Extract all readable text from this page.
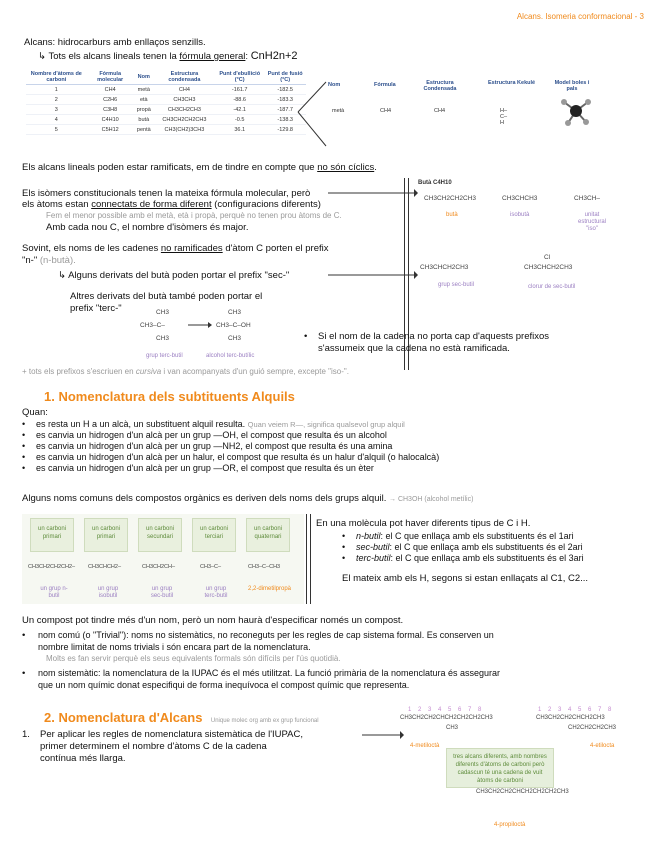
Alcans. Isomeria conformacional - 3
Alcans: hidrocarburs amb enllaços senzills.
↳ Tots els alcans lineals tenen la fórmula general: CnH2n+2
Nombre d'àtoms de carboni	Fórmula molecular	Nom	Estructura condensada	Punt d'ebullició (°C)	Punt de fusió (°C)
1	CH4	metà	CH4	-161.7	-182.5
2	C2H6	età	CH3CH3	-88.6	-183.3
3	C3H8	propà	CH3CH2CH3	-42.1	-187.7
4	C4H10	butà	CH3CH2CH2CH3	-0.5	-138.3
5	C5H12	pentà	CH3(CH2)3CH3	36.1	-129.8
Nom	Fórmula	Estructura Condensada
Estructura Kekulé	Model boles i pals
metà	CH4	CH4	H–C–H
Els alcans lineals poden estar ramificats, em de tindre en compte que no són cíclics.
Els isòmers constitucionals tenen la mateixa fórmula molecular, però
els àtoms estan connectats de forma diferent (configuracions diferents)
Fem el menor possible amb el metà, età i propà, perquè no tenen prou àtoms de C.
Amb cada nou C, el nombre d'isòmers és major.
Butà C4H10
CH3CH2CH2CH3	CH3CHCH3	CH3CH–
butà	isobutà	unitat estructural "iso"
Sovint, els noms de les cadenes no ramificades d'àtom C porten el prefix
"n-" (n-butà).
↳ Alguns derivats del butà poden portar el prefix "sec-"
CH3CHCH2CH3
Cl
CH3CHCH2CH3
grup sec-butil	clorur de sec-butil
Altres derivats del butà també poden portar el
prefix "terc-"	CH3
CH3–C–
CH3
CH3
CH3–C–OH
CH3
grup terc-butil	alcohol terc-butílic
• Si el nom de la cadena no porta cap d'aquests prefixos
s'assumeix que la cadena no està ramificada.
+ tots els prefixos s'escriuen en cursiva i van acompanyats d'un guió sempre, excepte "iso-".
1. Nomenclatura dels subtituents Alquils
Quan:
• es resta un H a un alcà, un substituent alquil resulta. Quan veiem R—, significa qualsevol grup alquil
• es canvia un hidrogen d'un alcà per un grup —OH, el compost que resulta és un alcohol
• es canvia un hidrogen d'un alcà per un grup —NH2, el compost que resulta és una amina
• es canvia un hidrogen d'un alcà per un halur, el compost que resulta és un halur d'alquil (o halocalcà)
• es canvia un hidrogen d'un alcà per un grup —OR, el compost que resulta és un èter
Alguns noms comuns dels compostos orgànics es deriven dels noms dels grups alquil. → CH3OH (alcohol metílic)
un carboni primari
un carboni primari
un carboni secundari
un carboni terciari
un carboni quaternari
CH3CH2CH2CH2– CH3CHCH2–	CH3CH2CH–	CH3–C–	CH3–C–CH3
un grup n-butil
un grup isobutil
un grup sec-butil
un grup terc-butil
2,2-dimetilpropà
En una molècula pot haver diferents tipus de C i H.
• n-butil: el C que enllaça amb els substituents és el 1ari
• sec-butil: el C que enllaça amb els substituents és el 2ari
• terc-butil: el C que enllaça amb els substituents és el 3ari
El mateix amb els H, segons si estan enllaçats al C1, C2...
Un compost pot tindre més d'un nom, però un nom haurà d'especificar només un compost.
• nom comú (o "Trivial"): noms no sistemàtics, no reconeguts per les regles de cap sistema formal. Es conserven un
nombre limitat de noms trivials i són encara part de la nomenclatura.
Molts es fan servir perquè els seus equivalents formals són difícils per l'ús quotidià.
• nom sistemàtic: la nomenclatura de la IUPAC és el més utilitzat. La funció primària de la nomenclatura és assegurar
que un nom químic donat especifiqui de forma inequívoca el compost químic que representa.
2. Nomenclatura d'Alcans Unique molec org amb ex grup funcional
1. Per aplicar les regles de nomenclatura sistemàtica de l'IUPAC,
primer determinem el nombre d'àtoms C de la cadena
contínua més llarga.
1 2 3 4 5 6 7 8
CH3CH2CH2CHCH2CH2CH2CH3
CH3
4-metiloctà
1 2 3 4 5 6 7 8
CH3CH2CH2CHCH2CH3
CH2CH2CH2CH3
4-etilocta
tres alcans diferents, amb nombres diferents d'àtoms de carboni però cadascun té una cadena de vuit àtoms de carboni
CH3CH2CH2CHCH2CH2CH2CH3
4-propiloctà
